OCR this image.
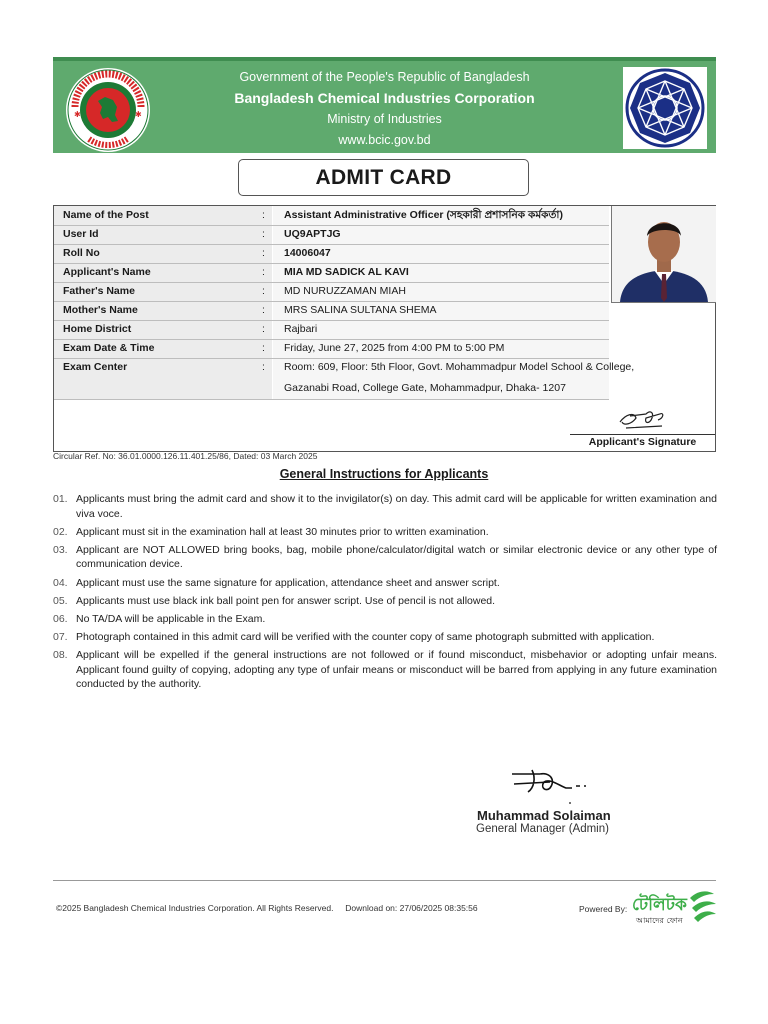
✱	✱
Government of the People's Republic of Bangladesh
Bangladesh Chemical Industries Corporation
Ministry of Industries
www.bcic.gov.bd
ADMIT CARD
Name of the Post	: Assistant Administrative Officer (সহকারী প্রশাসনিক কর্মকর্তা)
User Id	: UQ9APTJG
Roll No	: 14006047
Applicant's Name	: MIA MD SADICK AL KAVI
Father's Name	: MD NURUZZAMAN MIAH
Mother's Name	: MRS SALINA SULTANA SHEMA
Home District	: Rajbari
Exam Date & Time	: Friday, June 27, 2025 from 4:00 PM to 5:00 PM
Exam Center	: Room: 609, Floor: 5th Floor, Govt. Mohammadpur Model School & College,
Gazanabi Road, College Gate, Mohammadpur, Dhaka- 1207
Applicant's Signature
Circular Ref. No: 36.01.0000.126.11.401.25/86, Dated: 03 March 2025
General Instructions for Applicants
01. Applicants must bring the admit card and show it to the invigilator(s) on day. This admit card will be applicable for written examination and viva voce.
02. Applicant must sit in the examination hall at least 30 minutes prior to written examination.
03. Applicant are NOT ALLOWED bring books, bag, mobile phone/calculator/digital watch or similar electronic device or any other type of communication device.
04. Applicant must use the same signature for application, attendance sheet and answer script.
05. Applicants must use black ink ball point pen for answer script. Use of pencil is not allowed.
06. No TA/DA will be applicable in the Exam.
07. Photograph contained in this admit card will be verified with the counter copy of same photograph submitted with application.
08. Applicant will be expelled if the general instructions are not followed or if found misconduct, misbehavior or adopting unfair means. Applicant found guilty of copying, adopting any type of unfair means or misconduct will be barred from applying in any future examination conducted by the authority.
Muhammad Solaiman
General Manager (Admin)
©2025 Bangladesh Chemical Industries Corporation. All Rights Reserved. Download on: 27/06/2025 08:35:56	Powered By: টেলিটক
আমাদের ফোন
